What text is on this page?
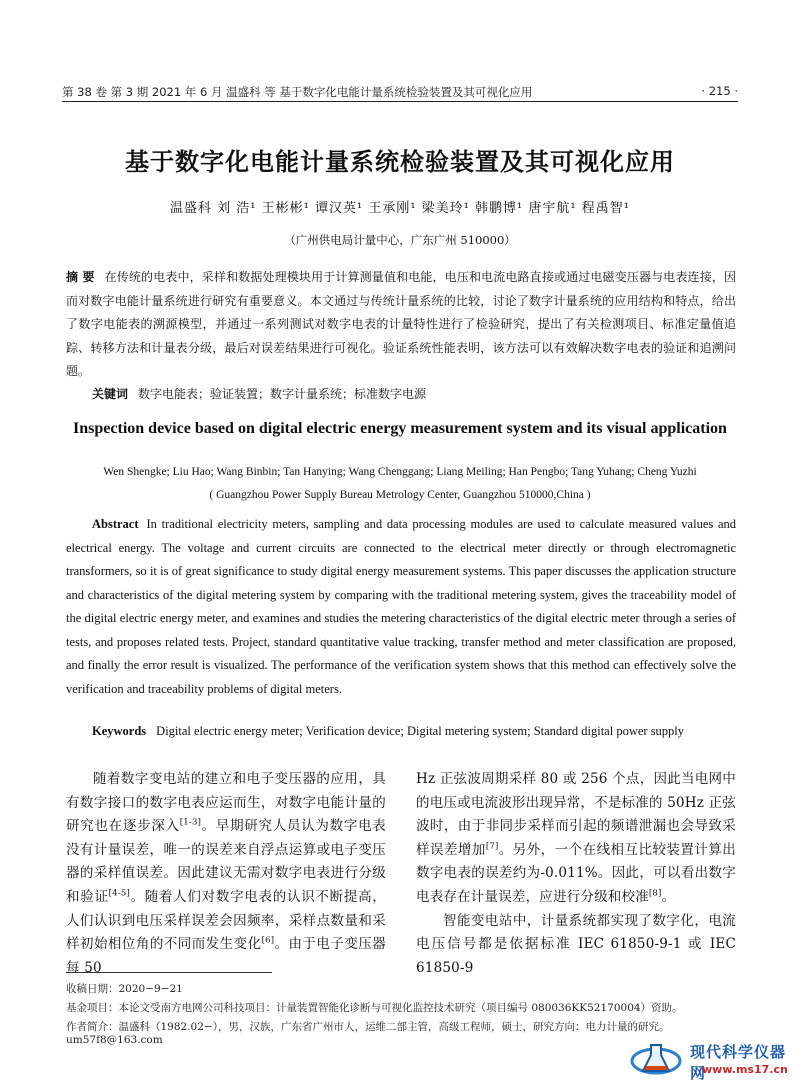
第 38 卷 第 3 期 2021 年 6 月 温盛科 等 基于数字化电能计量系统检验装置及其可视化应用	· 215 ·
基于数字化电能计量系统检验装置及其可视化应用
温盛科 刘 浩¹ 王彬彬¹ 谭汉英¹ 王承刚¹ 梁美玲¹ 韩鹏博¹ 唐宇航¹ 程禹智¹
（广州供电局计量中心，广东广州 510000）
摘 要 在传统的电表中，采样和数据处理模块用于计算测量值和电能，电压和电流电路直接或通过电磁变压器与电表连接，因而对数字电能计量系统进行研究有重要意义。本文通过与传统计量系统的比较，讨论了数字计量系统的应用结构和特点，给出了数字电能表的溯源模型，并通过一系列测试对数字电表的计量特性进行了检验研究，提出了有关检测项目、标准定量值追踪、转移方法和计量表分级，最后对误差结果进行可视化。验证系统性能表明，该方法可以有效解决数字电表的验证和追溯问题。
关键词 数字电能表；验证装置；数字计量系统；标准数字电源
Inspection device based on digital electric energy measurement system and its visual application
Wen Shengke; Liu Hao; Wang Binbin; Tan Hanying; Wang Chenggang; Liang Meiling; Han Pengbo; Tang Yuhang; Cheng Yuzhi
( Guangzhou Power Supply Bureau Metrology Center, Guangzhou 510000,China )
Abstract In traditional electricity meters, sampling and data processing modules are used to calculate measured values and electrical energy. The voltage and current circuits are connected to the electrical meter directly or through electromagnetic transformers, so it is of great significance to study digital energy measurement systems. This paper discusses the application structure and characteristics of the digital metering system by comparing with the traditional metering system, gives the traceability model of the digital electric energy meter, and examines and studies the metering characteristics of the digital electric meter through a series of tests, and proposes related tests. Project, standard quantitative value tracking, transfer method and meter classification are proposed, and finally the error result is visualized. The performance of the verification system shows that this method can effectively solve the verification and traceability problems of digital meters.
Keywords Digital electric energy meter; Verification device; Digital metering system; Standard digital power supply
随着数字变电站的建立和电子变压器的应用，具有数字接口的数字电表应运而生，对数字电能计量的研究也在逐步深入[1-3]。早期研究人员认为数字电表没有计量误差，唯一的误差来自浮点运算或电子变压器的采样值误差。因此建议无需对数字电表进行分级和验证[4-5]。随着人们对数字电表的认识不断提高，人们认识到电压采样误差会因频率，采样点数量和采样初始相位角的不同而发生变化[6]。由于电子变压器每 50
Hz 正弦波周期采样 80 或 256 个点，因此当电网中的电压或电流波形出现异常，不是标准的 50Hz 正弦波时，由于非同步采样而引起的频谱泄漏也会导致采样误差增加[7]。另外，一个在线相互比较装置计算出数字电表的误差约为-0.011%。因此，可以看出数字电表存在计量误差，应进行分级和校准[8]。
智能变电站中，计量系统都实现了数字化，电流电压信号都是依据标准 IEC 61850-9-1 或 IEC 61850-9
收稿日期：2020−9−21
基金项目：本论文受南方电网公司科技项目：计量装置智能化诊断与可视化监控技术研究（项目编号 080036KK52170004）资助。
作者简介：温盛科（1982.02−），男，汉族，广东省广州市人，运维二部主管，高级工程师，硕士，研究方向：电力计量的研究。um57f8@163.com
现代科学仪器网
www.ms17.cn
